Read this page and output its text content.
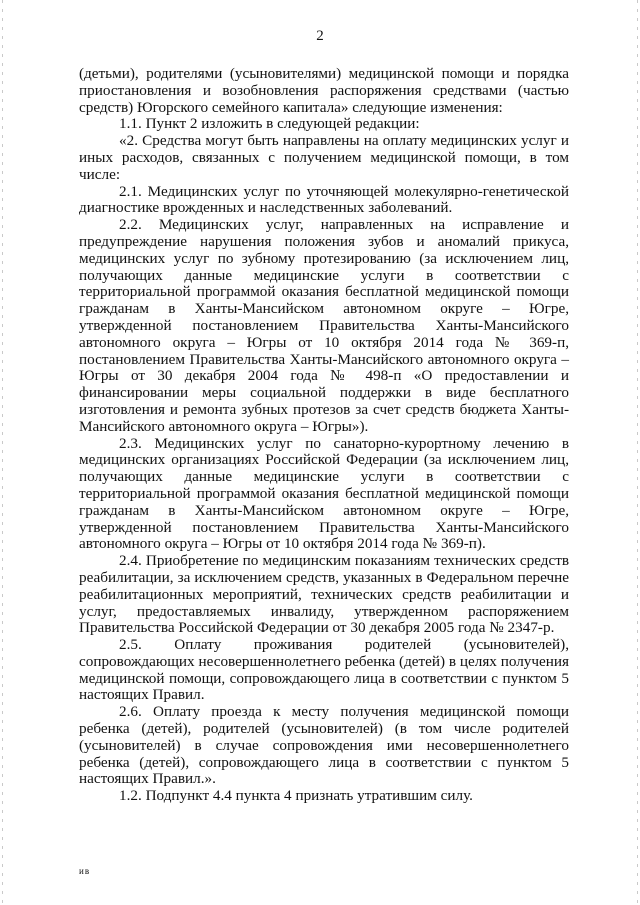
2

(детьми), родителями (усыновителями) медицинской помощи и порядка приостановления и возобновления распоряжения средствами (частью средств) Югорского семейного капитала» следующие изменения:

1.1. Пункт 2 изложить в следующей редакции:

«2. Средства могут быть направлены на оплату медицинских услуг и иных расходов, связанных с получением медицинской помощи, в том числе:

2.1. Медицинских услуг по уточняющей молекулярно-генетической диагностике врожденных и наследственных заболеваний.

2.2. Медицинских услуг, направленных на исправление и предупреждение нарушения положения зубов и аномалий прикуса, медицинских услуг по зубному протезированию (за исключением лиц, получающих данные медицинские услуги в соответствии с территориальной программой оказания бесплатной медицинской помощи гражданам в Ханты-Мансийском автономном округе – Югре, утвержденной постановлением Правительства Ханты-Мансийского автономного округа – Югры от 10 октября 2014 года № 369-п, постановлением Правительства Ханты-Мансийского автономного округа – Югры от 30 декабря 2004 года № 498-п «О предоставлении и финансировании меры социальной поддержки в виде бесплатного изготовления и ремонта зубных протезов за счет средств бюджета Ханты-Мансийского автономного округа – Югры»).

2.3. Медицинских услуг по санаторно-курортному лечению в медицинских организациях Российской Федерации (за исключением лиц, получающих данные медицинские услуги в соответствии с территориальной программой оказания бесплатной медицинской помощи гражданам в Ханты-Мансийском автономном округе – Югре, утвержденной постановлением Правительства Ханты-Мансийского автономного округа – Югры от 10 октября 2014 года № 369-п).

2.4. Приобретение по медицинским показаниям технических средств реабилитации, за исключением средств, указанных в Федеральном перечне реабилитационных мероприятий, технических средств реабилитации и услуг, предоставляемых инвалиду, утвержденном распоряжением Правительства Российской Федерации от 30 декабря 2005 года № 2347-р.

2.5. Оплату проживания родителей (усыновителей), сопровождающих несовершеннолетнего ребенка (детей) в целях получения медицинской помощи, сопровождающего лица в соответствии с пунктом 5 настоящих Правил.

2.6. Оплату проезда к месту получения медицинской помощи ребенка (детей), родителей (усыновителей) (в том числе родителей (усыновителей) в случае сопровождения ими несовершеннолетнего ребенка (детей), сопровождающего лица в соответствии с пунктом 5 настоящих Правил.».

1.2. Подпункт 4.4 пункта 4 признать утратившим силу.

ив
